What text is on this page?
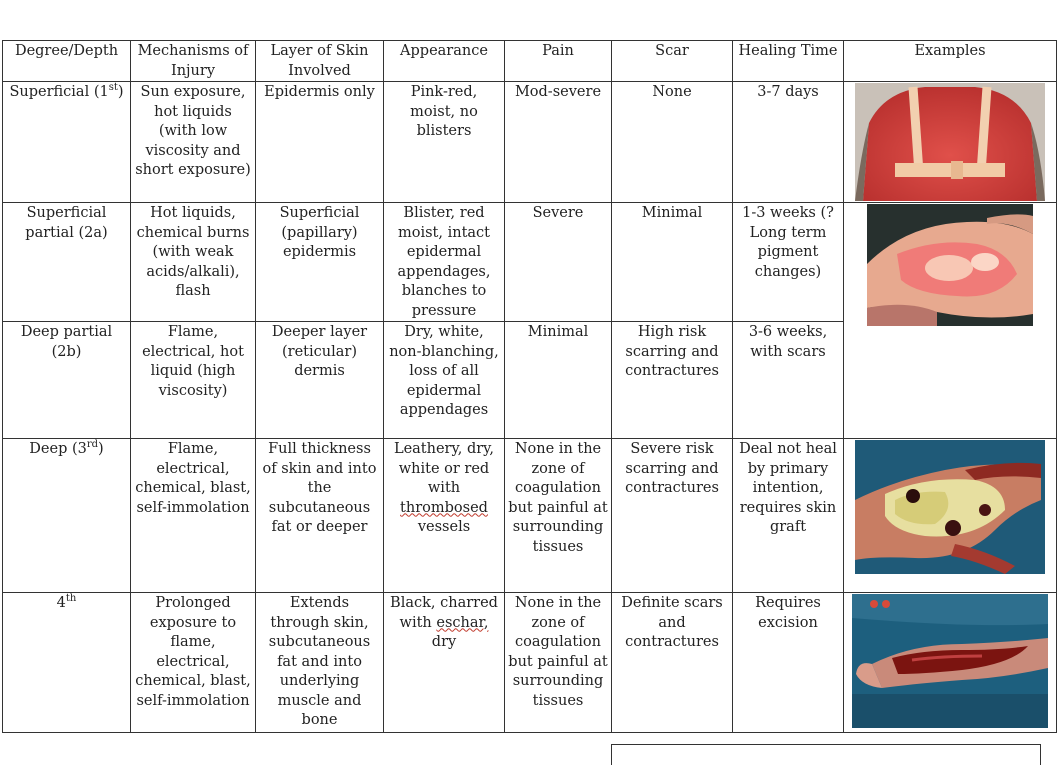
Degree/Depth	Mechanisms of Injury	Layer of Skin Involved	Appearance	Pain	Scar	Healing Time	Examples
Superficial (1st)	Sun exposure, hot liquids (with low viscosity and short exposure)	Epidermis only	Pink-red, moist, no blisters	Mod-severe	None	3-7 days	

Superficial partial (2a)	Hot liquids, chemical burns (with weak acids/alkali), flash	Superficial (papillary) epidermis	Blister, red moist, intact epidermal appendages, blanches to pressure	Severe	Minimal	1-3 weeks (? Long term pigment changes)	

Deep partial (2b)	Flame, electrical, hot liquid (high viscosity)	Deeper layer (reticular) dermis	Dry, white, non-blanching, loss of all epidermal appendages	Minimal	High risk scarring and contractures	3-6 weeks, with scars	
Deep (3rd)	Flame, electrical, chemical, blast, self-immolation	Full thickness of skin and into the subcutaneous fat or deeper	Leathery, dry, white or red with thrombosed vessels	None in the zone of coagulation but painful at surrounding tissues	Severe risk scarring and contractures	Deal not heal by primary intention, requires skin graft	

4th	Prolonged exposure to flame, electrical, chemical, blast, self-immolation	Extends through skin, subcutaneous fat and into underlying muscle and bone	Black, charred with eschar, dry	None in the zone of coagulation but painful at surrounding tissues	Definite scars and contractures	Requires excision	
